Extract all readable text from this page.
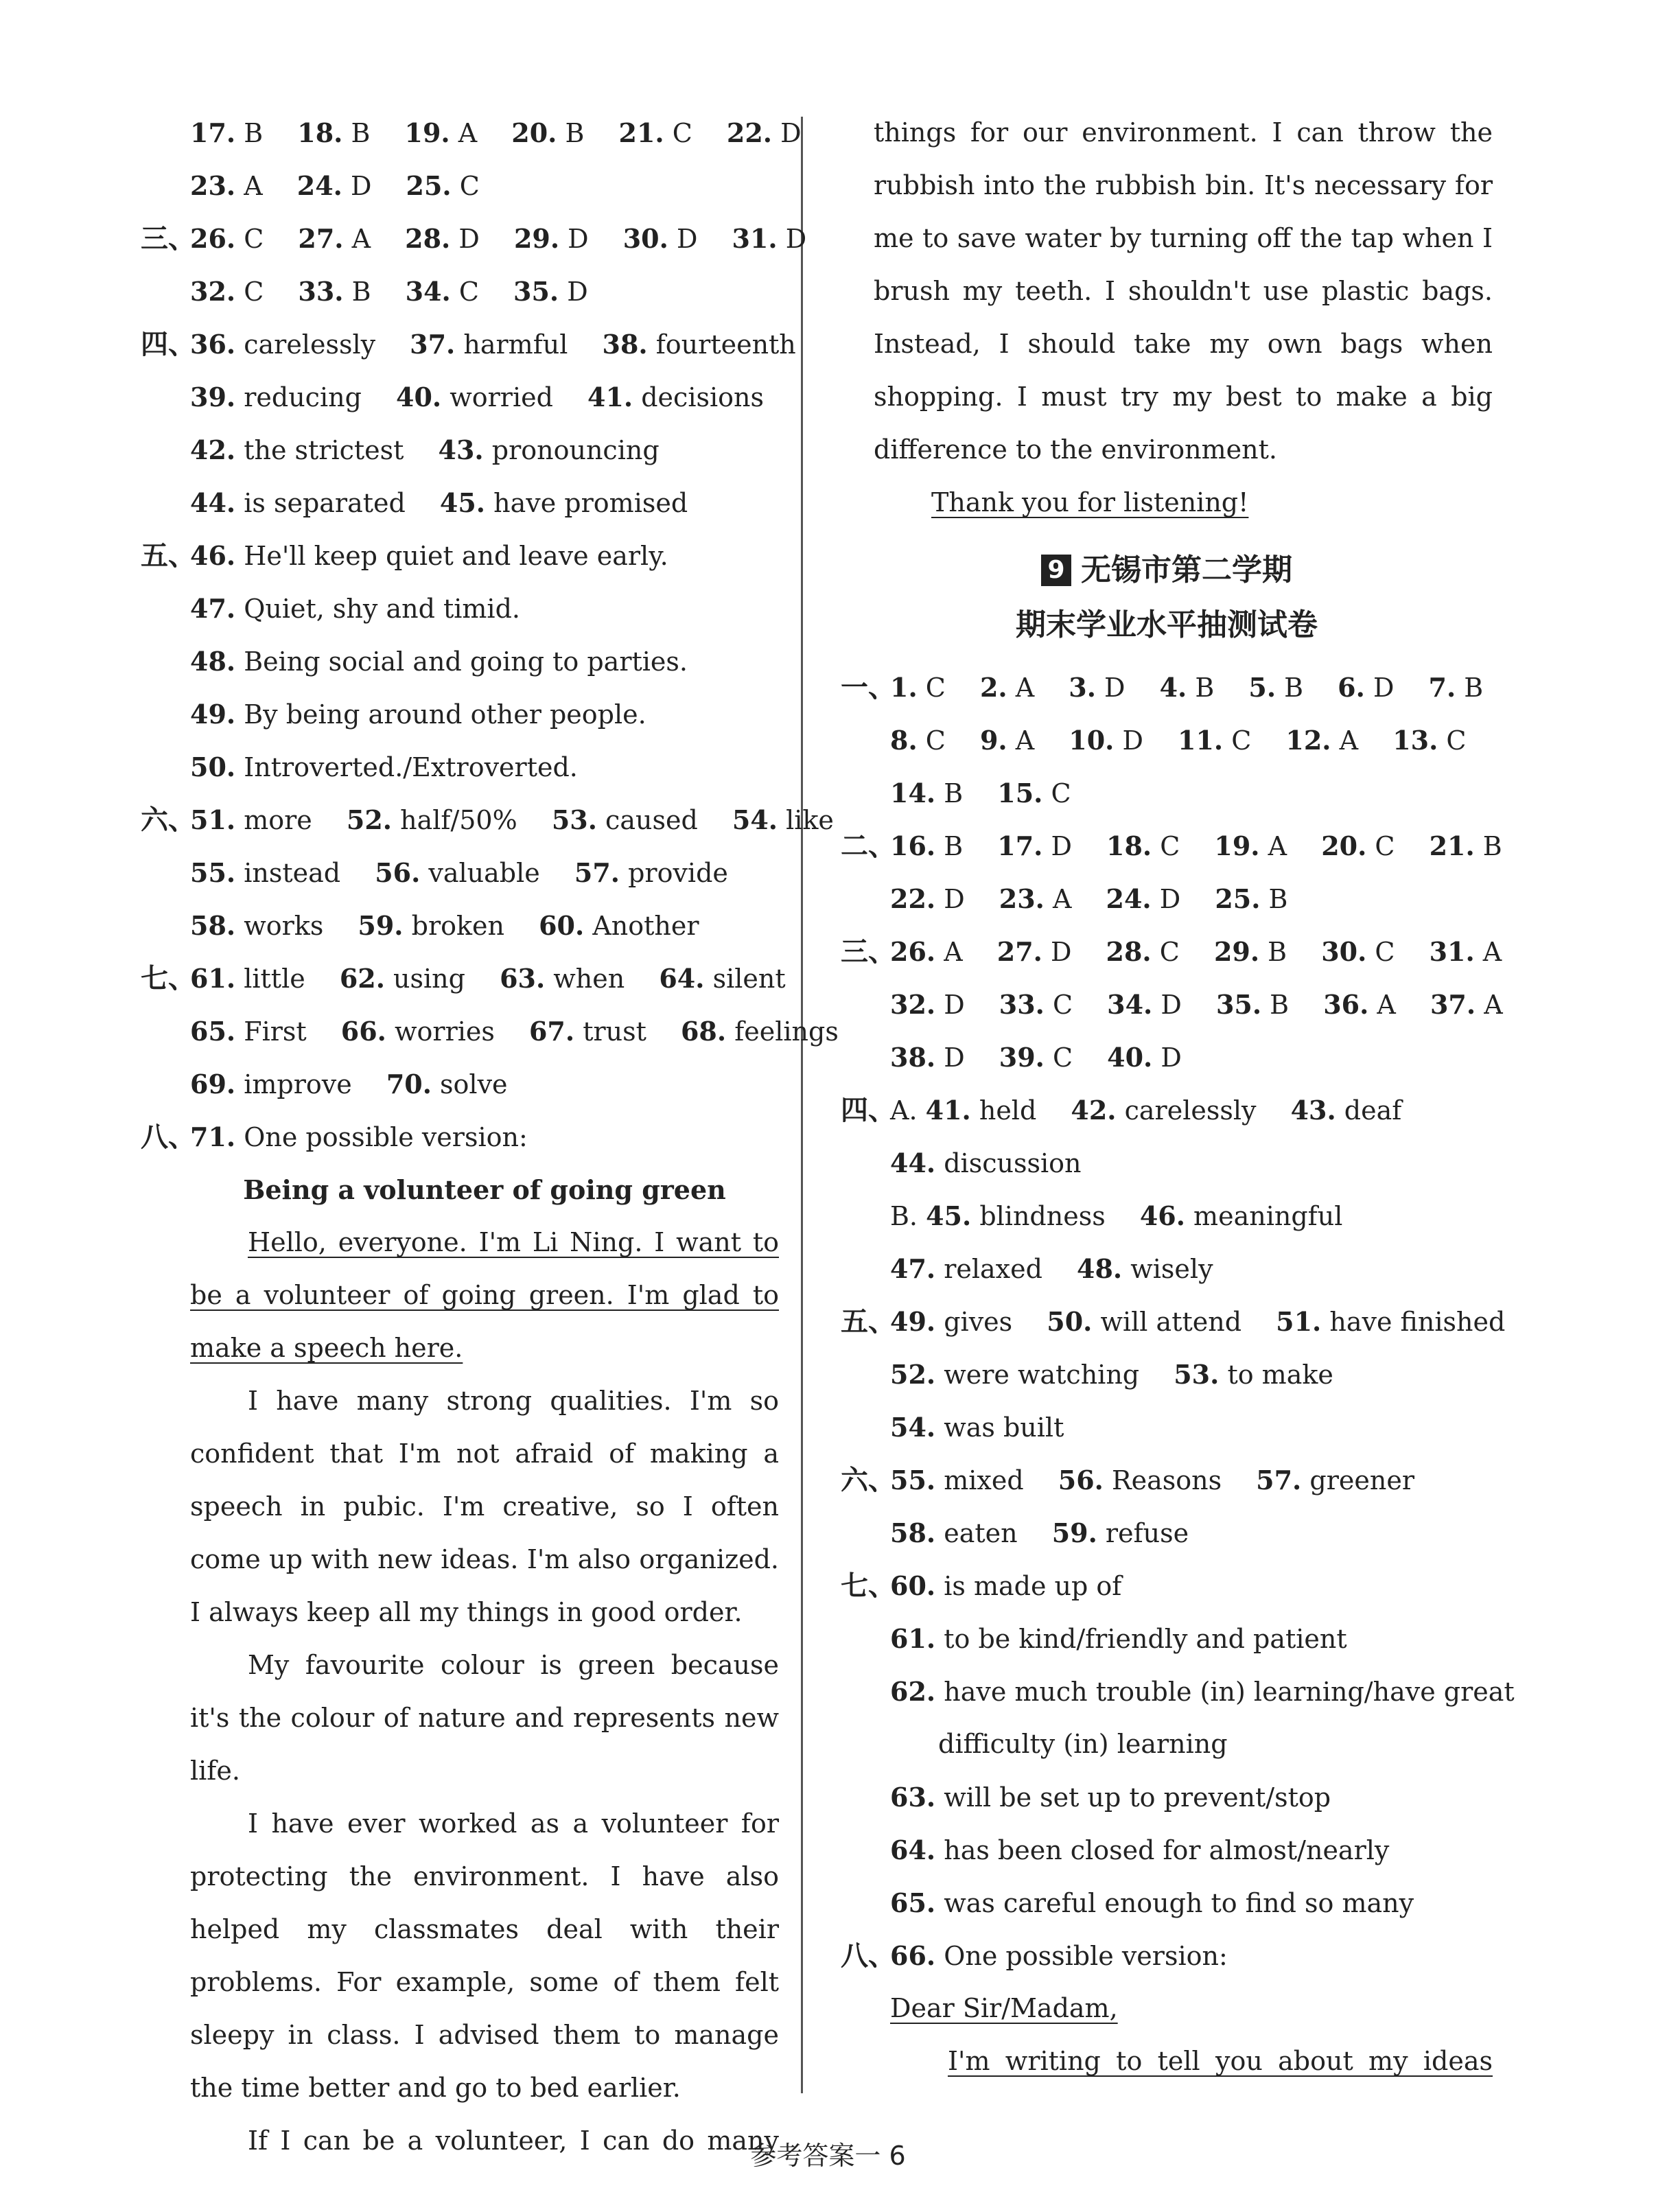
17. B 18. B 19. A 20. B 21. C 22. D
23. A 24. D 25. C
三、26. C 27. A 28. D 29. D 30. D 31. D
32. C 33. B 34. C 35. D
四、36. carelessly 37. harmful 38. fourteenth
39. reducing 40. worried 41. decisions
42. the strictest 43. pronouncing
44. is separated 45. have promised
五、46. He'll keep quiet and leave early.
47. Quiet, shy and timid.
48. Being social and going to parties.
49. By being around other people.
50. Introverted./Extroverted.
六、51. more 52. half/50% 53. caused 54. like
55. instead 56. valuable 57. provide
58. works 59. broken 60. Another
七、61. little 62. using 63. when 64. silent
65. First 66. worries 67. trust 68. feelings
69. improve 70. solve
八、71. One possible version:
Being a volunteer of going green
Hello, everyone. I'm Li Ning. I want to be a volunteer of going green. I'm glad to make a speech here.
I have many strong qualities. I'm so confident that I'm not afraid of making a speech in pubic. I'm creative, so I often come up with new ideas. I'm also organized. I always keep all my things in good order.
My favourite colour is green because it's the colour of nature and represents new life.
I have ever worked as a volunteer for protecting the environment. I have also helped my classmates deal with their problems. For example, some of them felt sleepy in class. I advised them to manage the time better and go to bed earlier.
If I can be a volunteer, I can do many
things for our environment. I can throw the rubbish into the rubbish bin. It's necessary for me to save water by turning off the tap when I brush my teeth. I shouldn't use plastic bags. Instead, I should take my own bags when shopping. I must try my best to make a big difference to the environment.
Thank you for listening!
9 无锡市第二学期
期末学业水平抽测试卷
一、1. C 2. A 3. D 4. B 5. B 6. D 7. B
8. C 9. A 10. D 11. C 12. A 13. C
14. B 15. C
二、16. B 17. D 18. C 19. A 20. C 21. B
22. D 23. A 24. D 25. B
三、26. A 27. D 28. C 29. B 30. C 31. A
32. D 33. C 34. D 35. B 36. A 37. A
38. D 39. C 40. D
四、A. 41. held 42. carelessly 43. deaf
44. discussion
B. 45. blindness 46. meaningful
47. relaxed 48. wisely
五、49. gives 50. will attend 51. have finished
52. were watching 53. to make
54. was built
六、55. mixed 56. Reasons 57. greener
58. eaten 59. refuse
七、60. is made up of
61. to be kind/friendly and patient
62. have much trouble (in) learning/have great
difficulty (in) learning
63. will be set up to prevent/stop
64. has been closed for almost/nearly
65. was careful enough to find so many
八、66. One possible version:
Dear Sir/Madam,
I'm writing to tell you about my ideas
参考答案一 6
